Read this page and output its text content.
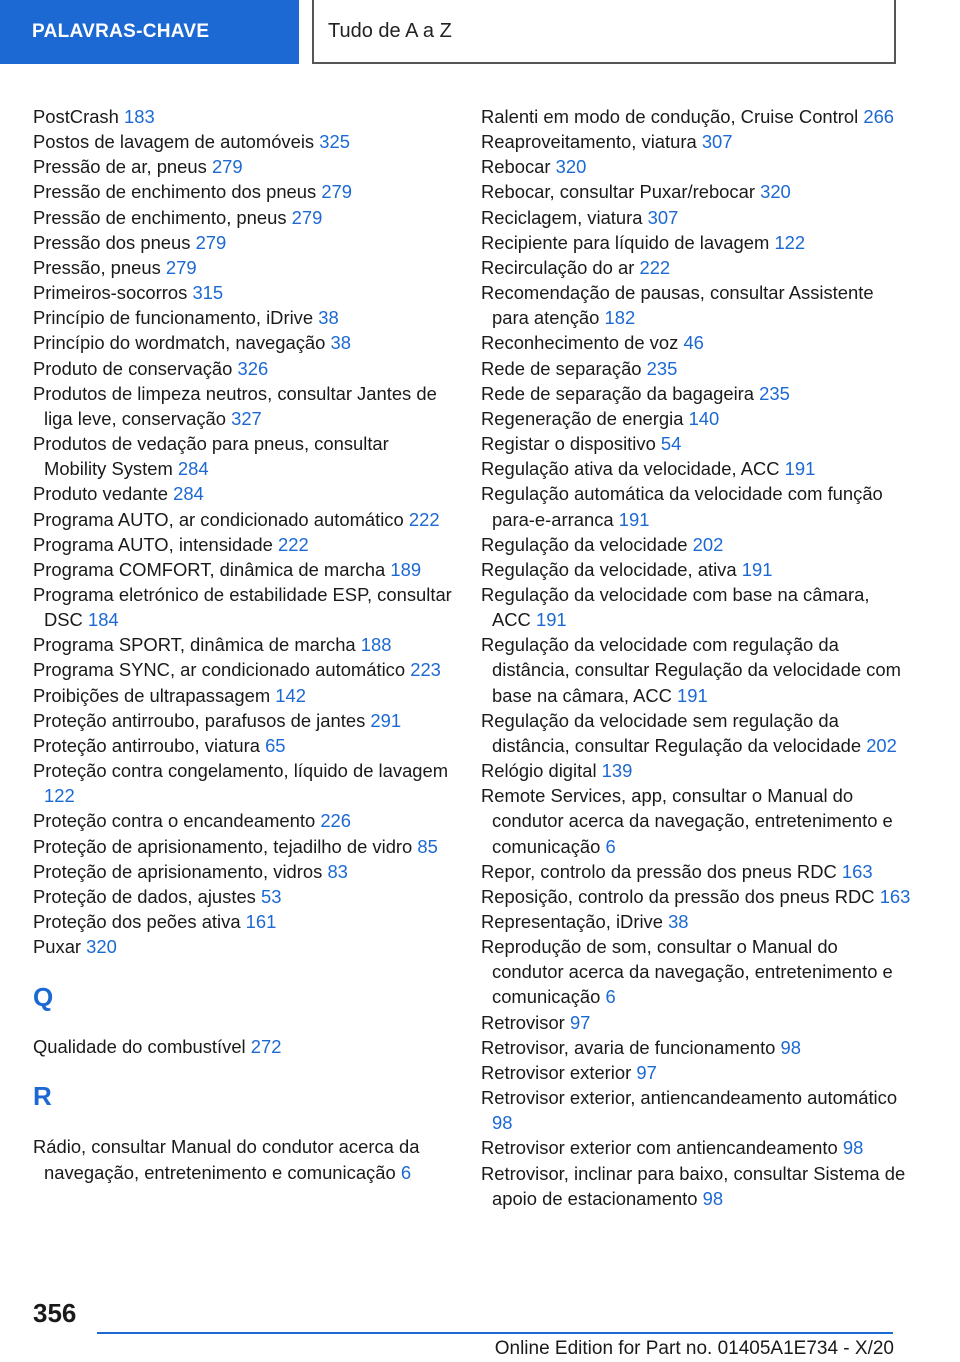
PALAVRAS-CHAVE	Tudo de A a Z
PostCrash 183
Postos de lavagem de automóveis 325
Pressão de ar, pneus 279
Pressão de enchimento dos pneus 279
Pressão de enchimento, pneus 279
Pressão dos pneus 279
Pressão, pneus 279
Primeiros-socorros 315
Princípio de funcionamento, iDrive 38
Princípio do wordmatch, navegação 38
Produto de conservação 326
Produtos de limpeza neutros, consultar Jantes de liga leve, conservação 327
Produtos de vedação para pneus, consultar Mobility System 284
Produto vedante 284
Programa AUTO, ar condicionado automático 222
Programa AUTO, intensidade 222
Programa COMFORT, dinâmica de marcha 189
Programa eletrónico de estabilidade ESP, consultar DSC 184
Programa SPORT, dinâmica de marcha 188
Programa SYNC, ar condicionado automático 223
Proibições de ultrapassagem 142
Proteção antirroubo, parafusos de jantes 291
Proteção antirroubo, viatura 65
Proteção contra congelamento, líquido de lavagem 122
Proteção contra o encandeamento 226
Proteção de aprisionamento, tejadilho de vidro 85
Proteção de aprisionamento, vidros 83
Proteção de dados, ajustes 53
Proteção dos peões ativa 161
Puxar 320
Q
Qualidade do combustível 272
R
Rádio, consultar Manual do condutor acerca da navegação, entretenimento e comunicação 6
Ralenti em modo de condução, Cruise Control 266
Reaproveitamento, viatura 307
Rebocar 320
Rebocar, consultar Puxar/rebocar 320
Reciclagem, viatura 307
Recipiente para líquido de lavagem 122
Recirculação do ar 222
Recomendação de pausas, consultar Assistente para atenção 182
Reconhecimento de voz 46
Rede de separação 235
Rede de separação da bagageira 235
Regeneração de energia 140
Registar o dispositivo 54
Regulação ativa da velocidade, ACC 191
Regulação automática da velocidade com função para-e-arranca 191
Regulação da velocidade 202
Regulação da velocidade, ativa 191
Regulação da velocidade com base na câmara, ACC 191
Regulação da velocidade com regulação da distância, consultar Regulação da velocidade com base na câmara, ACC 191
Regulação da velocidade sem regulação da distância, consultar Regulação da velocidade 202
Relógio digital 139
Remote Services, app, consultar o Manual do condutor acerca da navegação, entretenimento e comunicação 6
Repor, controlo da pressão dos pneus RDC 163
Reposição, controlo da pressão dos pneus RDC 163
Representação, iDrive 38
Reprodução de som, consultar o Manual do condutor acerca da navegação, entretenimento e comunicação 6
Retrovisor 97
Retrovisor, avaria de funcionamento 98
Retrovisor exterior 97
Retrovisor exterior, antiencandeamento automático 98
Retrovisor exterior com antiencandeamento 98
Retrovisor, inclinar para baixo, consultar Sistema de apoio de estacionamento 98
356
Online Edition for Part no. 01405A1E734 - X/20
